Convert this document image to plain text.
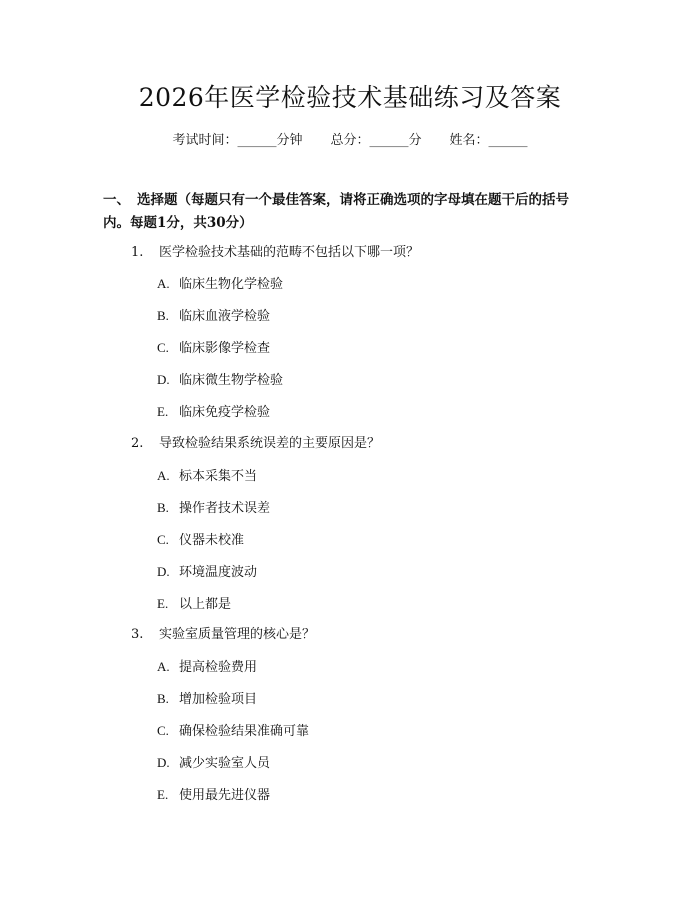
2026年医学检验技术基础练习及答案
考试时间：______分钟 总分：______分 姓名：______
一、 选择题（每题只有一个最佳答案，请将正确选项的字母填在题干后的括号
内。每题1分，共30分）
1. 医学检验技术基础的范畴不包括以下哪一项？
A. 临床生物化学检验
B. 临床血液学检验
C. 临床影像学检查
D. 临床微生物学检验
E. 临床免疫学检验
2. 导致检验结果系统误差的主要原因是？
A. 标本采集不当
B. 操作者技术误差
C. 仪器未校准
D. 环境温度波动
E. 以上都是
3. 实验室质量管理的核心是？
A. 提高检验费用
B. 增加检验项目
C. 确保检验结果准确可靠
D. 减少实验室人员
E. 使用最先进仪器
